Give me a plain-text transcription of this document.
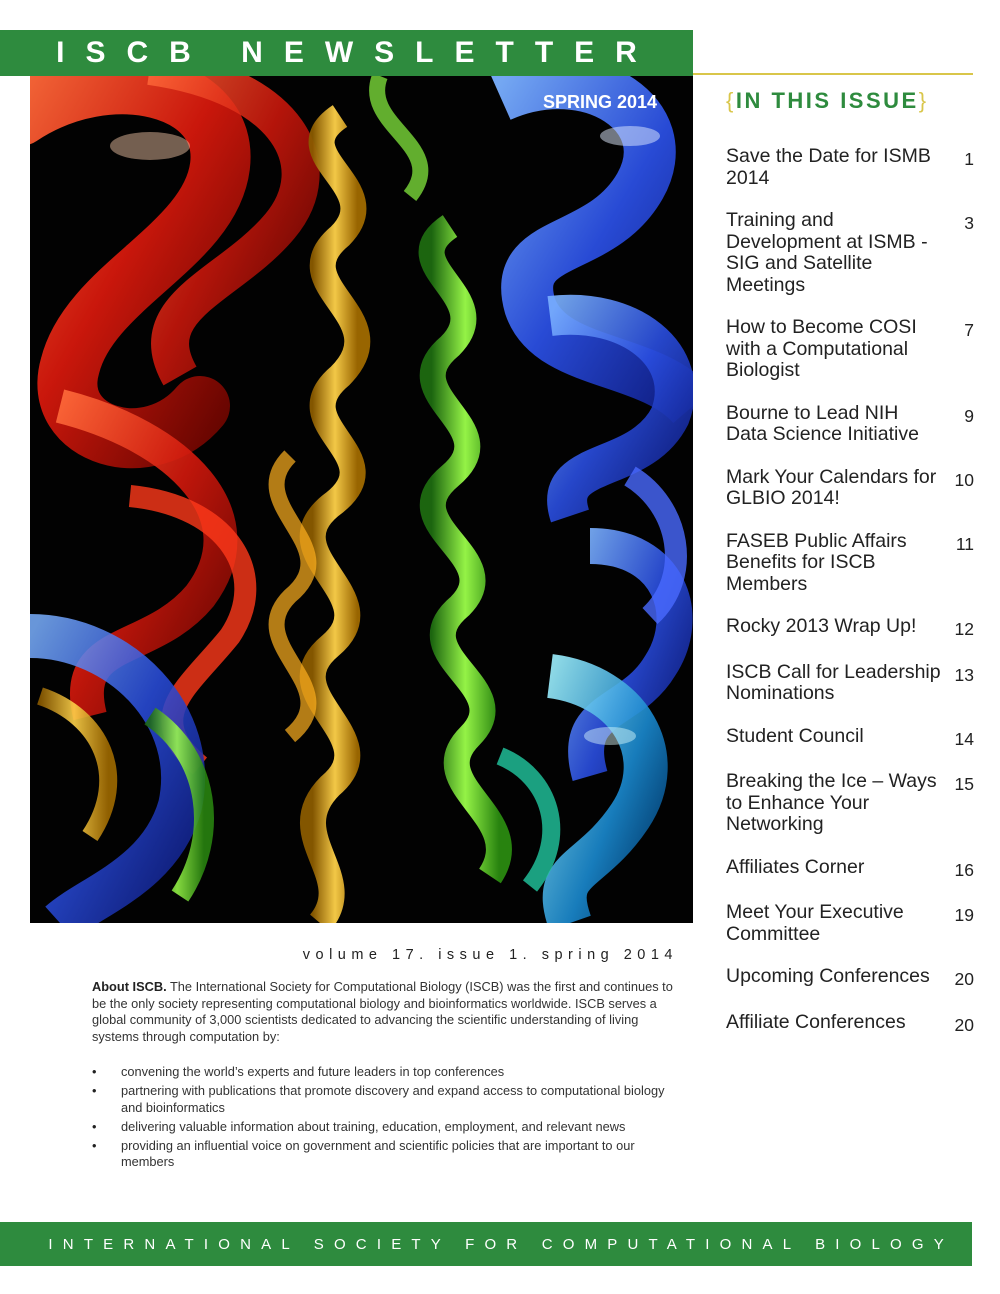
ISCB NEWSLETTER
SPRING 2014	{IN THIS ISSUE}
Save the Date for ISMB 2014
1
Training and Development at ISMB - SIG and Satellite Meetings
3
How to Become COSI with a Computational Biologist
7
Bourne to Lead NIH Data Science Initiative
9
Mark Your Calendars for GLBIO 2014!
10
FASEB Public Affairs Benefits for ISCB Members
11
Rocky 2013 Wrap Up!	12
ISCB Call for Leadership Nominations
13
Student Council	14
Breaking the Ice – Ways to Enhance Your Networking
15
Affiliates Corner	16
Meet Your Executive Committee
19
Upcoming Conferences	20
Affiliate Conferences	20
volume 17. issue 1. spring 2014
About ISCB. The International Society for Computational Biology (ISCB) was the first and continues to be the only society representing computational biology and bioinformatics worldwide. ISCB serves a global community of 3,000 scientists dedicated to advancing the scientific understanding of living systems through computation by:
• convening the world’s experts and future leaders in top conferences
• partnering with publications that promote discovery and expand access to computational biology and bioinformatics
• delivering valuable information about training, education, employment, and relevant news
• providing an influential voice on government and scientific policies that are important to our members
INTERNATIONAL SOCIETY FOR COMPUTATIONAL BIOLOGY
